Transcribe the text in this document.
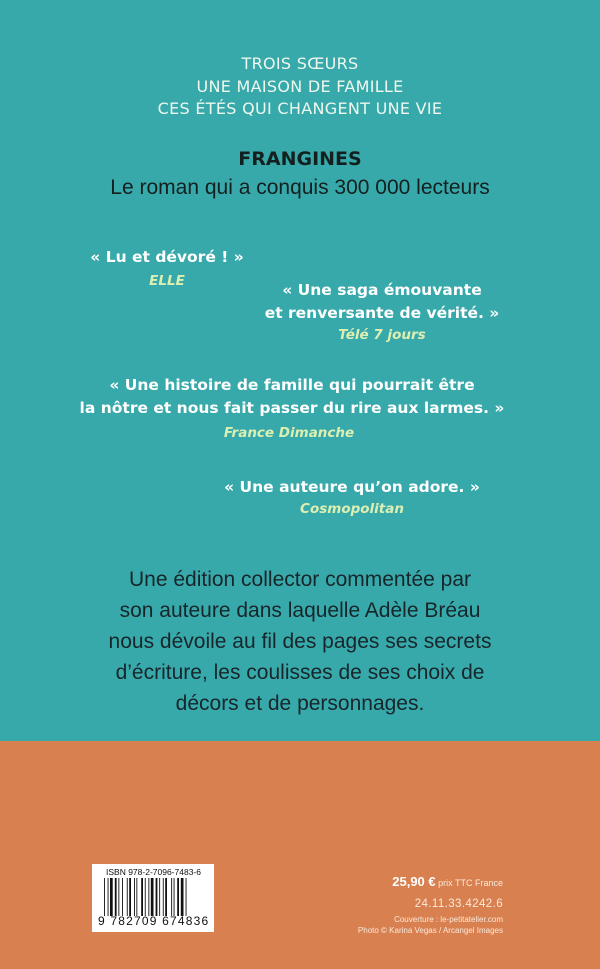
TROIS SŒURS
UNE MAISON DE FAMILLE
CES ÉTÉS QUI CHANGENT UNE VIE
FRANGINES
Le roman qui a conquis 300 000 lecteurs
« Lu et dévoré ! »
ELLE	« Une saga émouvante
et renversante de vérité. »
Télé 7 jours
« Une histoire de famille qui pourrait être
la nôtre et nous fait passer du rire aux larmes. »
France Dimanche
« Une auteure qu’on adore. »
Cosmopolitan
Une édition collector commentée par
son auteure dans laquelle Adèle Bréau
nous dévoile au fil des pages ses secrets
d’écriture, les coulisses de ses choix de
décors et de personnages.
ISBN 978-2-7096-7483-6
9 782709 674836
25,90 € prix TTC France
24.11.33.4242.6
Couverture : le-petitatelier.com
Photo © Karina Vegas / Arcangel Images
